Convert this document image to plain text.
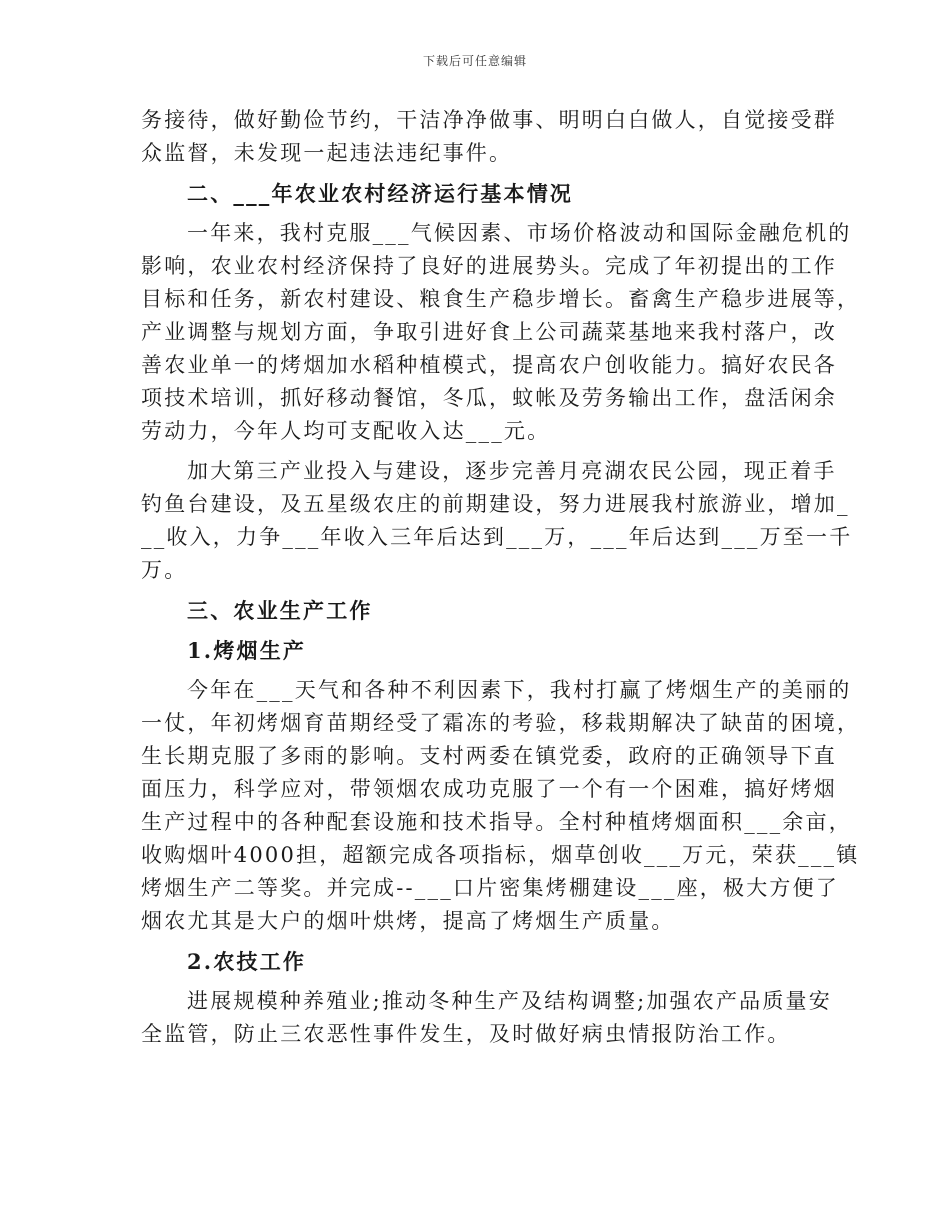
下载后可任意编辑
务接待，做好勤俭节约，干洁净净做事、明明白白做人，自觉接受群
众监督，未发现一起违法违纪事件。
二、___年农业农村经济运行基本情况
一年来，我村克服___气候因素、市场价格波动和国际金融危机的
影响，农业农村经济保持了良好的进展势头。完成了年初提出的工作
目标和任务，新农村建设、粮食生产稳步增长。畜禽生产稳步进展等，
产业调整与规划方面，争取引进好食上公司蔬菜基地来我村落户，改
善农业单一的烤烟加水稻种植模式，提高农户创收能力。搞好农民各
项技术培训，抓好移动餐馆，冬瓜，蚊帐及劳务输出工作，盘活闲余
劳动力，今年人均可支配收入达___元。
加大第三产业投入与建设，逐步完善月亮湖农民公园，现正着手
钓鱼台建设，及五星级农庄的前期建设，努力进展我村旅游业，增加_
__收入，力争___年收入三年后达到___万，___年后达到___万至一千
万。
三、农业生产工作
1.烤烟生产
今年在___天气和各种不利因素下，我村打赢了烤烟生产的美丽的
一仗，年初烤烟育苗期经受了霜冻的考验，移栽期解决了缺苗的困境，
生长期克服了多雨的影响。支村两委在镇党委，政府的正确领导下直
面压力，科学应对，带领烟农成功克服了一个有一个困难，搞好烤烟
生产过程中的各种配套设施和技术指导。全村种植烤烟面积___余亩，
收购烟叶4000担，超额完成各项指标，烟草创收___万元，荣获___镇
烤烟生产二等奖。并完成--___口片密集烤棚建设___座，极大方便了
烟农尤其是大户的烟叶烘烤，提高了烤烟生产质量。
2.农技工作
进展规模种养殖业;推动冬种生产及结构调整;加强农产品质量安
全监管，防止三农恶性事件发生，及时做好病虫情报防治工作。
